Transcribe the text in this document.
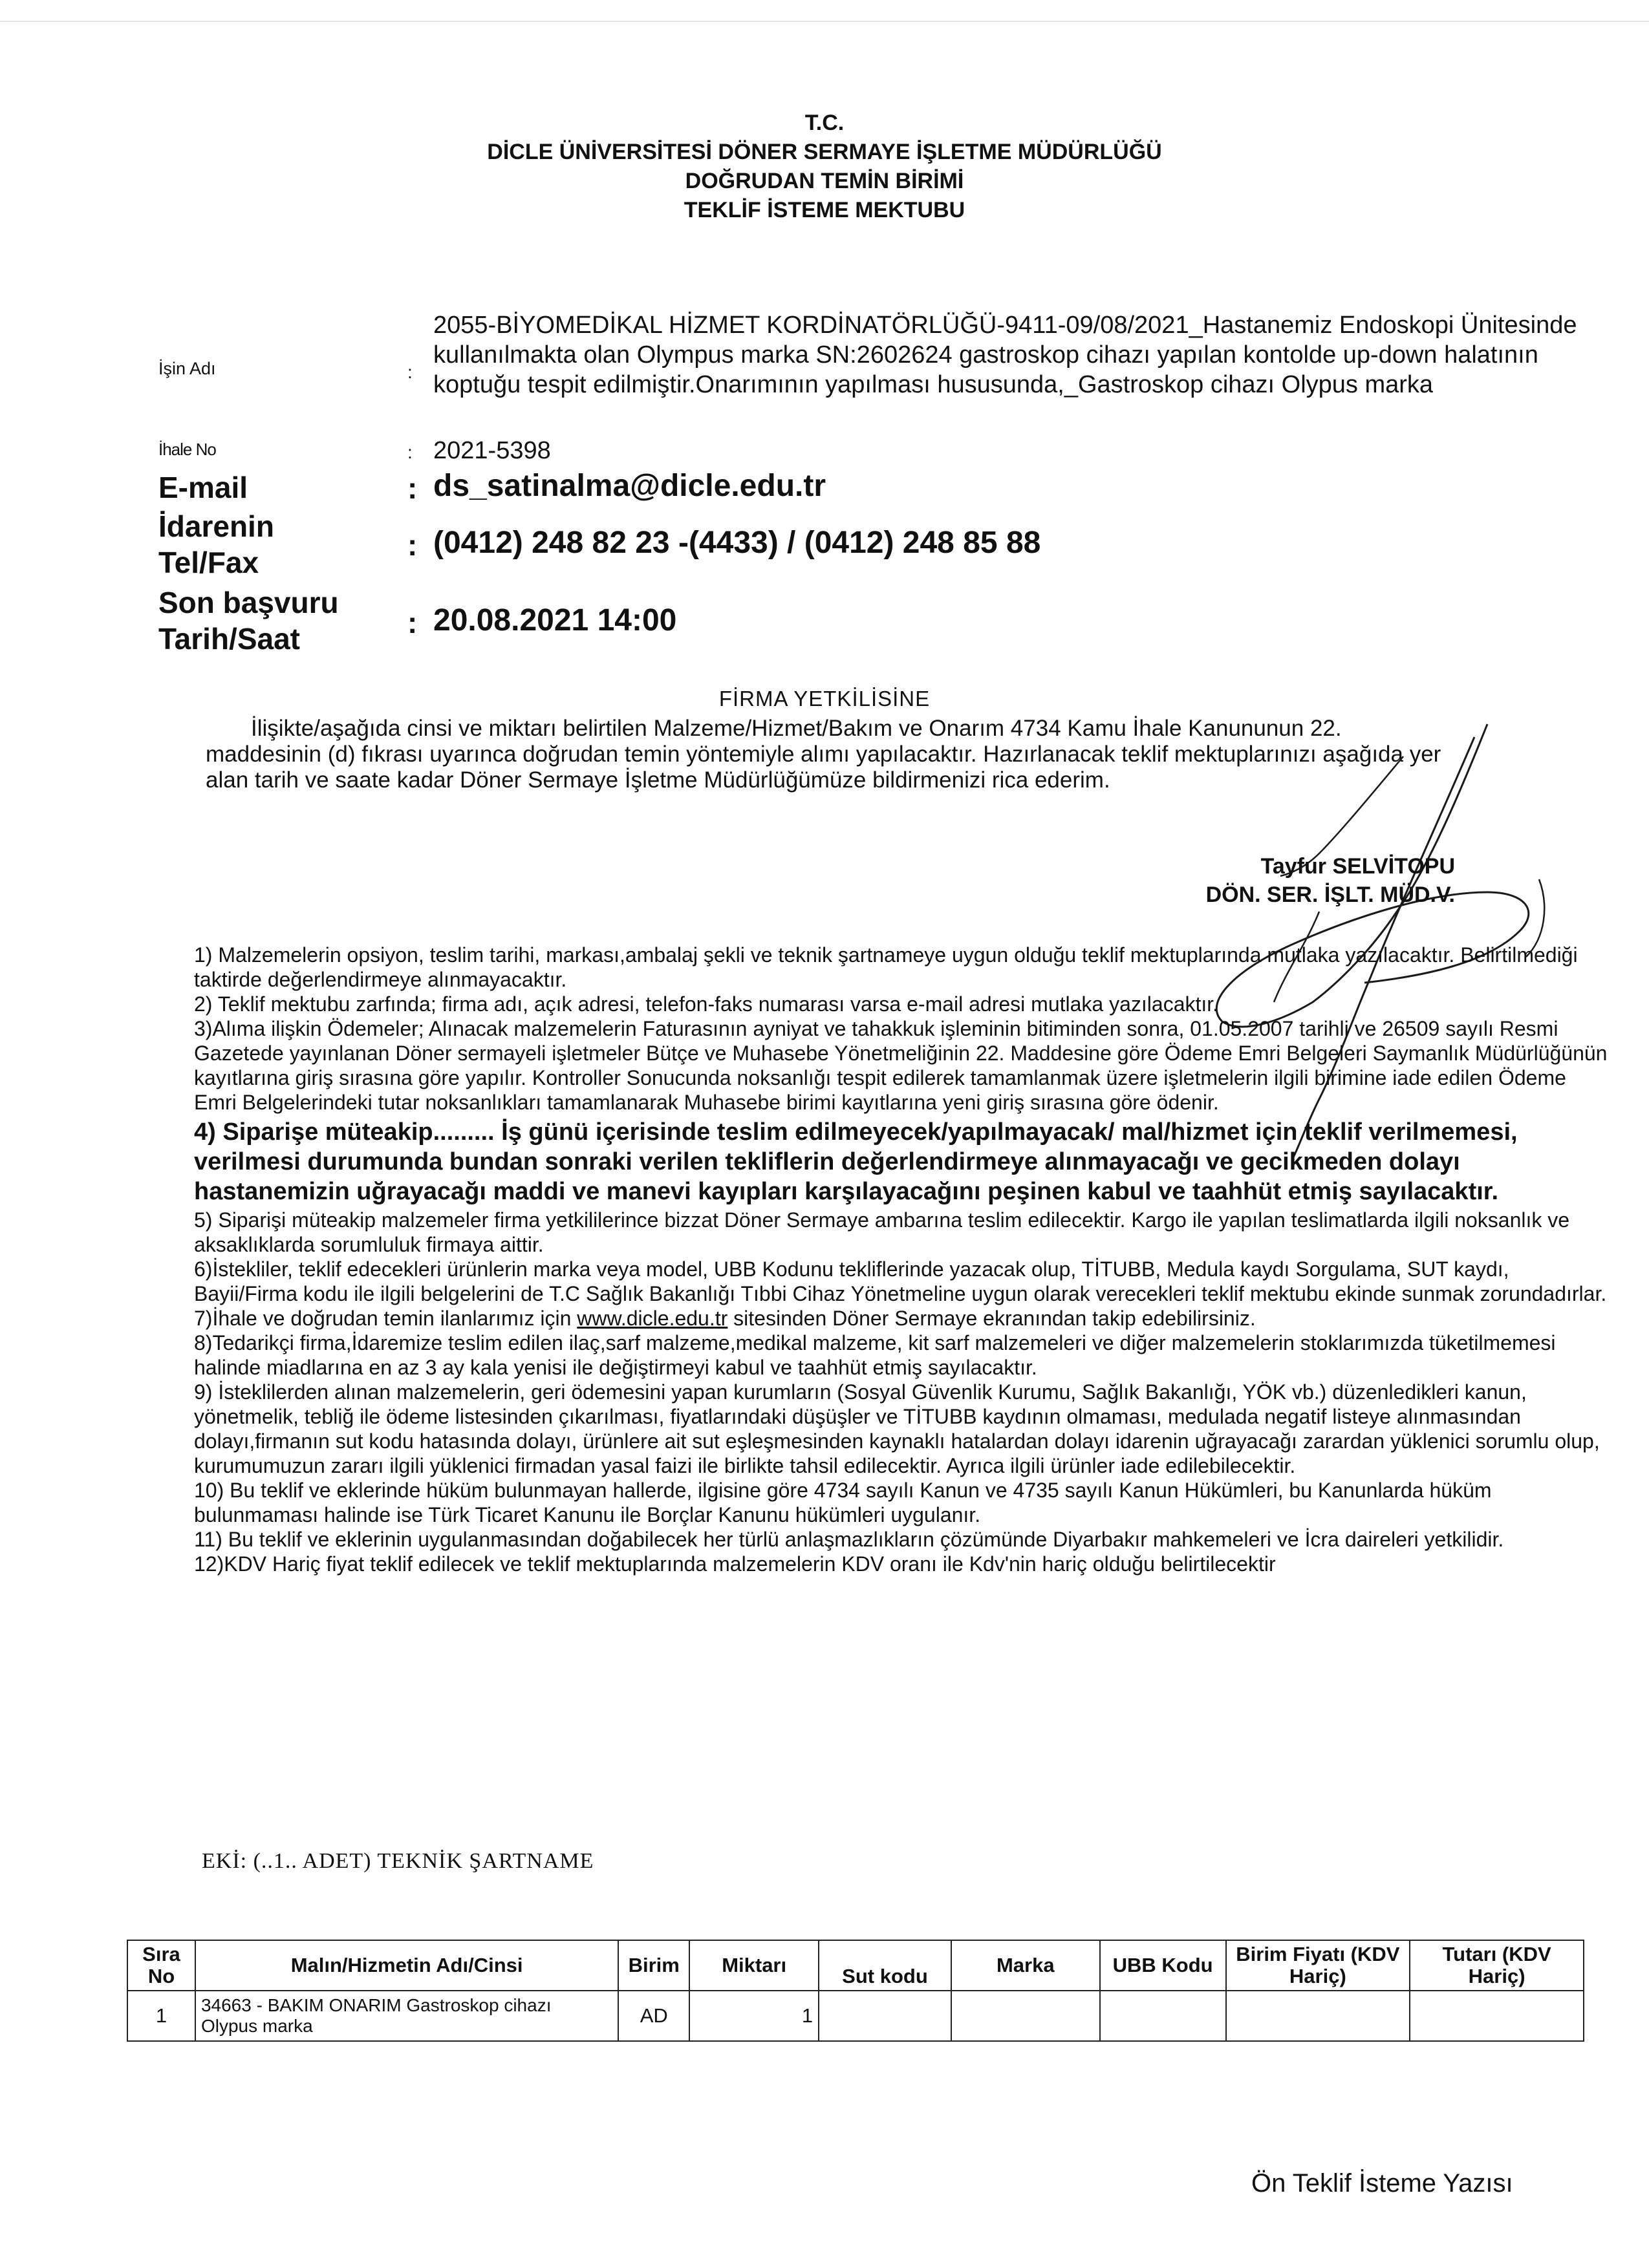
T.C.
DİCLE ÜNİVERSİTESİ DÖNER SERMAYE İŞLETME MÜDÜRLÜĞÜ
DOĞRUDAN TEMİN BİRİMİ
TEKLİF İSTEME MEKTUBU
İşin Adı	:
2055-BİYOMEDİKAL HİZMET KORDİNATÖRLÜĞÜ-9411-09/08/2021_Hastanemiz Endoskopi Ünitesinde kullanılmakta olan Olympus marka SN:2602624 gastroskop cihazı yapılan kontolde up-down halatının koptuğu tespit edilmiştir.Onarımının yapılması hususunda,_Gastroskop cihazı Olypus marka
İhale No	: 2021-5398
E-mail	: ds_satinalma@dicle.edu.tr
İdarenin
Tel/Fax
: (0412) 248 82 23 -(4433) / (0412) 248 85 88
Son başvuru
Tarih/Saat	: 20.08.2021 14:00
FİRMA YETKİLİSİNE

İlişikte/aşağıda cinsi ve miktarı belirtilen Malzeme/Hizmet/Bakım ve Onarım 4734 Kamu İhale Kanununun 22.

maddesinin (d) fıkrası uyarınca doğrudan temin yöntemiyle alımı yapılacaktır. Hazırlanacak teklif mektuplarınızı aşağıda yer

alan tarih ve saate kadar Döner Sermaye İşletme Müdürlüğümüze bildirmenizi rica ederim.

Tayfur SELVİTOPU
DÖN. SER. İŞLT. MÜD.V.

1) Malzemelerin opsiyon, teslim tarihi, markası,ambalaj şekli ve teknik şartnameye uygun olduğu teklif mektuplarında mutlaka yazılacaktır. Belirtilmediği taktirde değerlendirmeye alınmayacaktır.

2) Teklif mektubu zarfında; firma adı, açık adresi, telefon-faks numarası varsa e-mail adresi mutlaka yazılacaktır.

3)Alıma ilişkin Ödemeler; Alınacak malzemelerin Faturasının ayniyat ve tahakkuk işleminin bitiminden sonra, 01.05.2007 tarihli ve 26509 sayılı Resmi Gazetede yayınlanan Döner sermayeli işletmeler Bütçe ve Muhasebe Yönetmeliğinin 22. Maddesine göre Ödeme Emri Belgeleri Saymanlık Müdürlüğünün kayıtlarına giriş sırasına göre yapılır. Kontroller Sonucunda noksanlığı tespit edilerek tamamlanmak üzere işletmelerin ilgili birimine iade edilen Ödeme Emri Belgelerindeki tutar noksanlıkları tamamlanarak Muhasebe birimi kayıtlarına yeni giriş sırasına göre ödenir.

4) Siparişe müteakip......... İş günü içerisinde teslim edilmeyecek/yapılmayacak/ mal/hizmet için teklif verilmemesi, verilmesi durumunda bundan sonraki verilen tekliflerin değerlendirmeye alınmayacağı ve gecikmeden dolayı hastanemizin uğrayacağı maddi ve manevi kayıpları karşılayacağını peşinen kabul ve taahhüt etmiş sayılacaktır.

5) Siparişi müteakip malzemeler firma yetkililerince bizzat Döner Sermaye ambarına teslim edilecektir. Kargo ile yapılan teslimatlarda ilgili noksanlık ve aksaklıklarda sorumluluk firmaya aittir.

6)İstekliler, teklif edecekleri ürünlerin marka veya model, UBB Kodunu tekliflerinde yazacak olup, TİTUBB, Medula kaydı Sorgulama, SUT kaydı, Bayii/Firma kodu ile ilgili belgelerini de T.C Sağlık Bakanlığı Tıbbi Cihaz Yönetmeline uygun olarak verecekleri teklif mektubu ekinde sunmak zorundadırlar.

7)İhale ve doğrudan temin ilanlarımız için www.dicle.edu.tr sitesinden Döner Sermaye ekranından takip edebilirsiniz.

8)Tedarikçi firma,İdaremize teslim edilen ilaç,sarf malzeme,medikal malzeme, kit sarf malzemeleri ve diğer malzemelerin stoklarımızda tüketilmemesi halinde miadlarına en az 3 ay kala yenisi ile değiştirmeyi kabul ve taahhüt etmiş sayılacaktır.

9) İsteklilerden alınan malzemelerin, geri ödemesini yapan kurumların (Sosyal Güvenlik Kurumu, Sağlık Bakanlığı, YÖK vb.) düzenledikleri kanun, yönetmelik, tebliğ ile ödeme listesinden çıkarılması, fiyatlarındaki düşüşler ve TİTUBB kaydının olmaması, medulada negatif listeye alınmasından dolayı,firmanın sut kodu hatasında dolayı, ürünlere ait sut eşleşmesinden kaynaklı hatalardan dolayı idarenin uğrayacağı zarardan yüklenici sorumlu olup, kurumumuzun zararı ilgili yüklenici firmadan yasal faizi ile birlikte tahsil edilecektir. Ayrıca ilgili ürünler iade edilebilecektir.

10) Bu teklif ve eklerinde hüküm bulunmayan hallerde, ilgisine göre 4734 sayılı Kanun ve 4735 sayılı Kanun Hükümleri, bu Kanunlarda hüküm bulunmaması halinde ise Türk Ticaret Kanunu ile Borçlar Kanunu hükümleri uygulanır.

11) Bu teklif ve eklerinin uygulanmasından doğabilecek her türlü anlaşmazlıkların çözümünde Diyarbakır mahkemeleri ve İcra daireleri yetkilidir.

12)KDV Hariç fiyat teklif edilecek ve teklif mektuplarında malzemelerin KDV oranı ile Kdv'nin hariç olduğu belirtilecektir

EKİ: (..1.. ADET) TEKNİK ŞARTNAME
Sıra No	Malın/Hizmetin Adı/Cinsi	Birim	Miktarı	Sut kodu	Marka	UBB Kodu	Birim Fiyatı (KDV Hariç)	Tutarı (KDV Hariç)
1	34663 - BAKIM ONARIM Gastroskop cihazı Olypus marka	AD	1					
Ön Teklif İsteme Yazısı
